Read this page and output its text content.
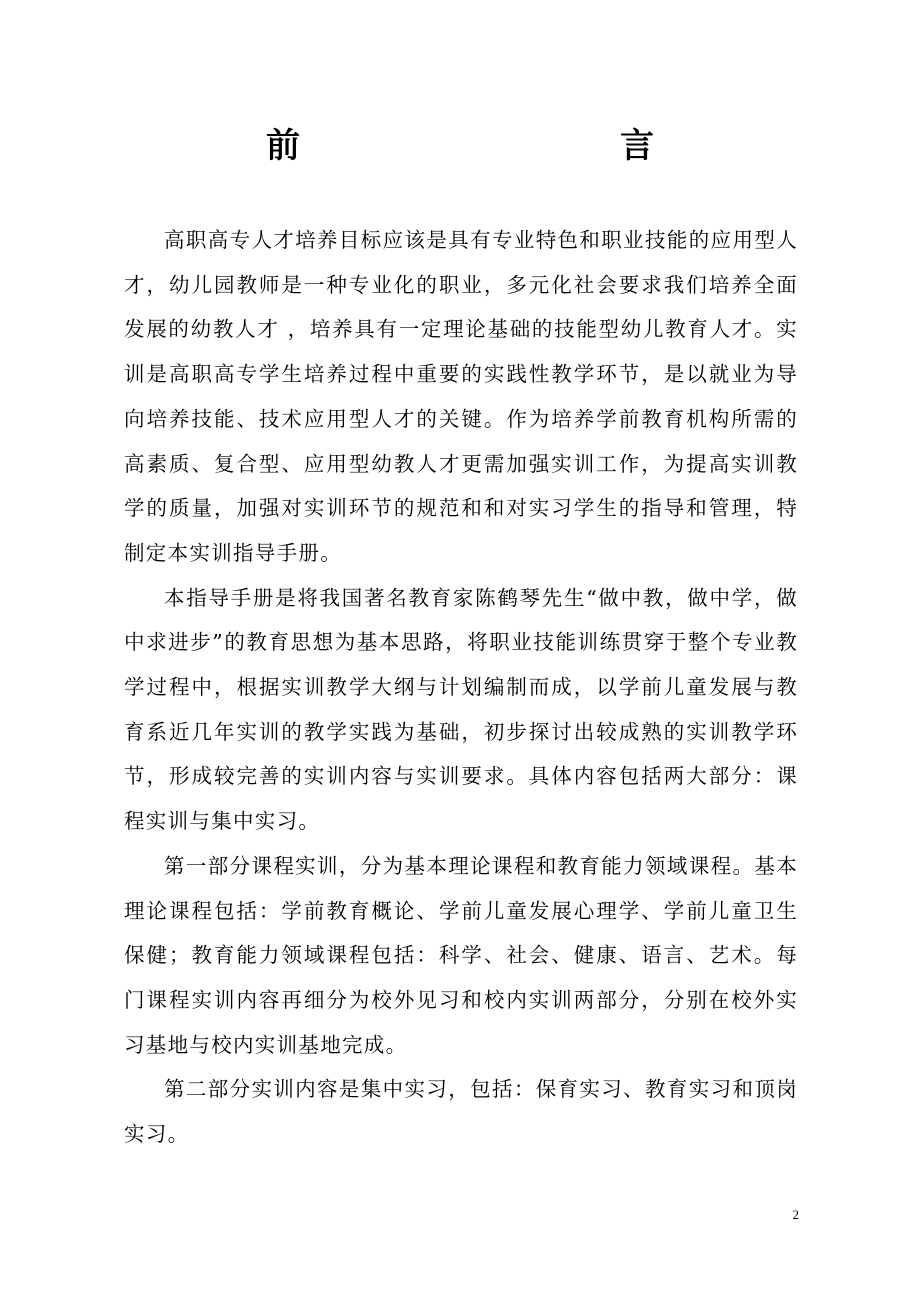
前　　言

高职高专人才培养目标应该是具有专业特色和职业技能的应用型人才，幼儿园教师是一种专业化的职业，多元化社会要求我们培养全面发展的幼教人才 ，培养具有一定理论基础的技能型幼儿教育人才。实训是高职高专学生培养过程中重要的实践性教学环节，是以就业为导向培养技能、技术应用型人才的关键。作为培养学前教育机构所需的高素质、复合型、应用型幼教人才更需加强实训工作，为提高实训教学的质量，加强对实训环节的规范和和对实习学生的指导和管理，特制定本实训指导手册。

本指导手册是将我国著名教育家陈鹤琴先生“做中教，做中学，做中求进步”的教育思想为基本思路，将职业技能训练贯穿于整个专业教学过程中，根据实训教学大纲与计划编制而成，以学前儿童发展与教育系近几年实训的教学实践为基础，初步探讨出较成熟的实训教学环节，形成较完善的实训内容与实训要求。具体内容包括两大部分：课程实训与集中实习。

第一部分课程实训，分为基本理论课程和教育能力领域课程。基本理论课程包括：学前教育概论、学前儿童发展心理学、学前儿童卫生保健；教育能力领域课程包括：科学、社会、健康、语言、艺术。每门课程实训内容再细分为校外见习和校内实训两部分，分别在校外实习基地与校内实训基地完成。

第二部分实训内容是集中实习，包括：保育实习、教育实习和顶岗实习。

2
